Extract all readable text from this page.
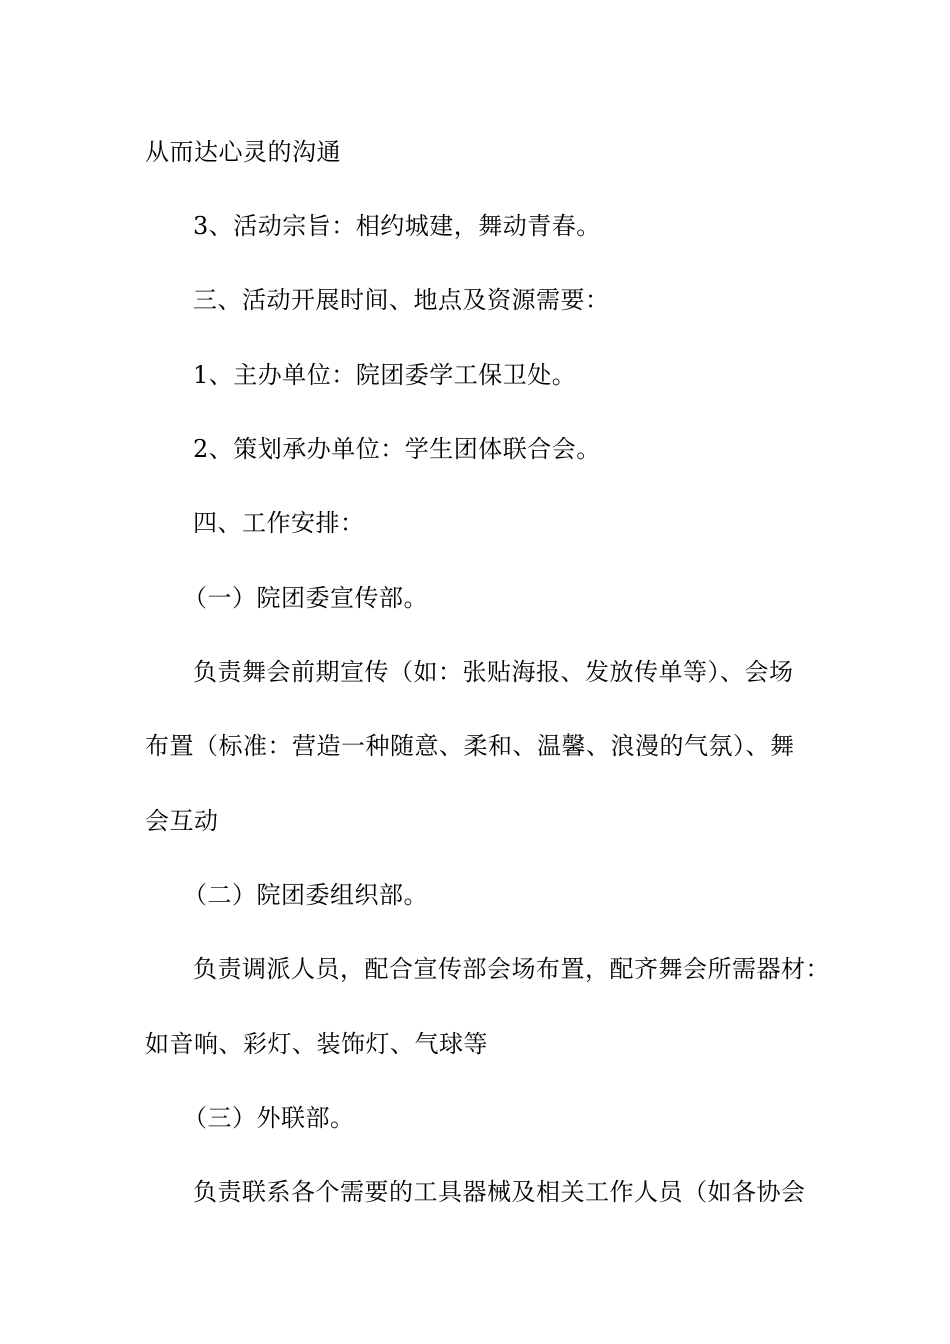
从而达心灵的沟通
3、活动宗旨：相约城建，舞动青春。
三、活动开展时间、地点及资源需要：
1、主办单位：院团委学工保卫处。
2、策划承办单位：学生团体联合会。
四、工作安排：
（一）院团委宣传部。
负责舞会前期宣传（如：张贴海报、发放传单等）、会场
布置（标准：营造一种随意、柔和、温馨、浪漫的气氛）、舞
会互动
（二）院团委组织部。
负责调派人员，配合宣传部会场布置，配齐舞会所需器材：
如音响、彩灯、装饰灯、气球等
（三）外联部。
负责联系各个需要的工具器械及相关工作人员（如各协会
